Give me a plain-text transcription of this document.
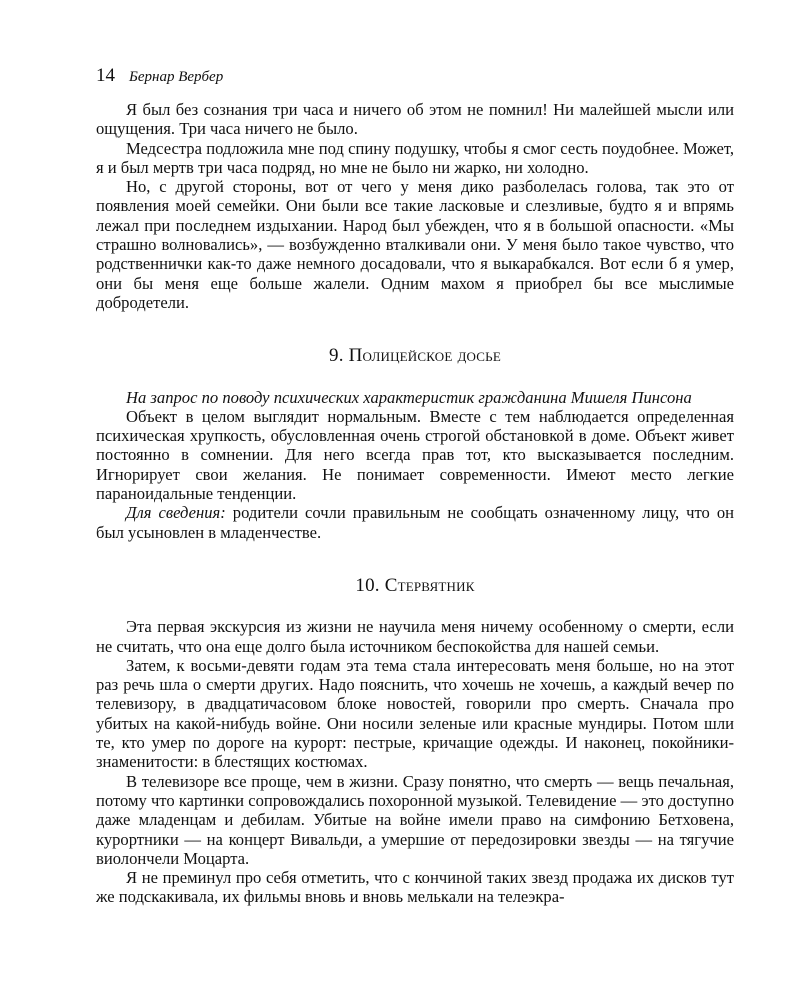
14 Бернар Вербер

Я был без сознания три часа и ничего об этом не помнил! Ни малейшей мысли или ощущения. Три часа ничего не было.

Медсестра подложила мне под спину подушку, чтобы я смог сесть поудобнее. Может, я и был мертв три часа подряд, но мне не было ни жарко, ни холодно.

Но, с другой стороны, вот от чего у меня дико разболелась голова, так это от появления моей семейки. Они были все такие ласковые и слезливые, будто я и впрямь лежал при последнем издыхании. Народ был убежден, что я в большой опасности. «Мы страшно волновались», — возбужденно вталкивали они. У меня было такое чувство, что родственнички как-то даже немного досадовали, что я выкарабкался. Вот если б я умер, они бы меня еще больше жалели. Одним махом я приобрел бы все мыслимые добродетели.

9. Полицейское досье

На запрос по поводу психических характеристик гражданина Мишеля Пинсона

Объект в целом выглядит нормальным. Вместе с тем наблюдается определенная психическая хрупкость, обусловленная очень строгой обстановкой в доме. Объект живет постоянно в сомнении. Для него всегда прав тот, кто высказывается последним. Игнорирует свои желания. Не понимает современности. Имеют место легкие параноидальные тенденции.

Для сведения: родители сочли правильным не сообщать означенному лицу, что он был усыновлен в младенчестве.

10. Стервятник

Эта первая экскурсия из жизни не научила меня ничему особенному о смерти, если не считать, что она еще долго была источником беспокойства для нашей семьи.

Затем, к восьми-девяти годам эта тема стала интересовать меня больше, но на этот раз речь шла о смерти других. Надо пояснить, что хочешь не хочешь, а каждый вечер по телевизору, в двадцатичасовом блоке новостей, говорили про смерть. Сначала про убитых на какой-нибудь войне. Они носили зеленые или красные мундиры. Потом шли те, кто умер по дороге на курорт: пестрые, кричащие одежды. И наконец, покойники-знаменитости: в блестящих костюмах.

В телевизоре все проще, чем в жизни. Сразу понятно, что смерть — вещь печальная, потому что картинки сопровождались похоронной музыкой. Телевидение — это доступно даже младенцам и дебилам. Убитые на войне имели право на симфонию Бетховена, курортники — на концерт Вивальди, а умершие от передозировки звезды — на тягучие виолончели Моцарта.

Я не преминул про себя отметить, что с кончиной таких звезд продажа их дисков тут же подскакивала, их фильмы вновь и вновь мелькали на телеэкра-
